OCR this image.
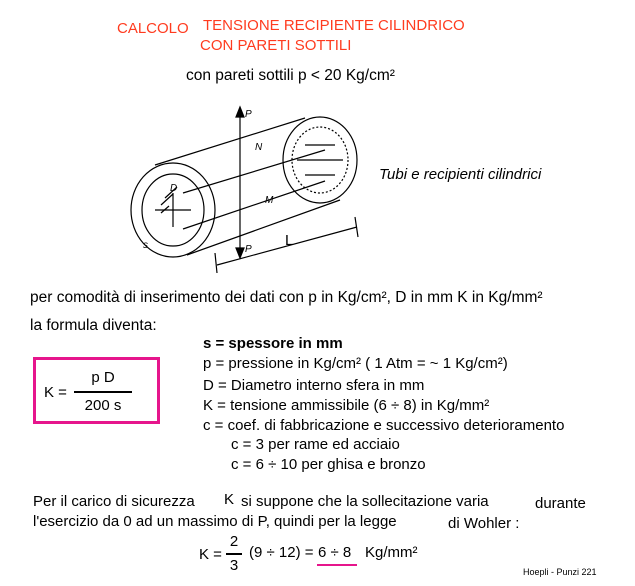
CALCOLO TENSIONE RECIPIENTE CILINDRICO
CON PARETI SOTTILI
con pareti sottili p < 20 Kg/cm²
P
P
N
M
D
s	L
Tubi e recipienti cilindrici
per comodità di inserimento dei dati con p in Kg/cm², D in mm K in Kg/mm²
la formula diventa:
K =
p D
200 s
s = spessore in mm
p = pressione in Kg/cm² ( 1 Atm = ~ 1 Kg/cm²)
D = Diametro interno sfera in mm
K = tensione ammissibile (6 ÷ 8) in Kg/mm²
c = coef. di fabbricazione e successivo deterioramento
c = 3 per rame ed acciaio
c = 6 ÷ 10 per ghisa e bronzo
Per il carico di sicurezza K si suppone che la sollecitazione varia	durante
l'esercizio da 0 ad un massimo di P, quindi per la legge	di Wohler :
K =
2
3
(9 ÷ 12) = 6 ÷ 8 Kg/mm²
Hoepli - Punzi 221
